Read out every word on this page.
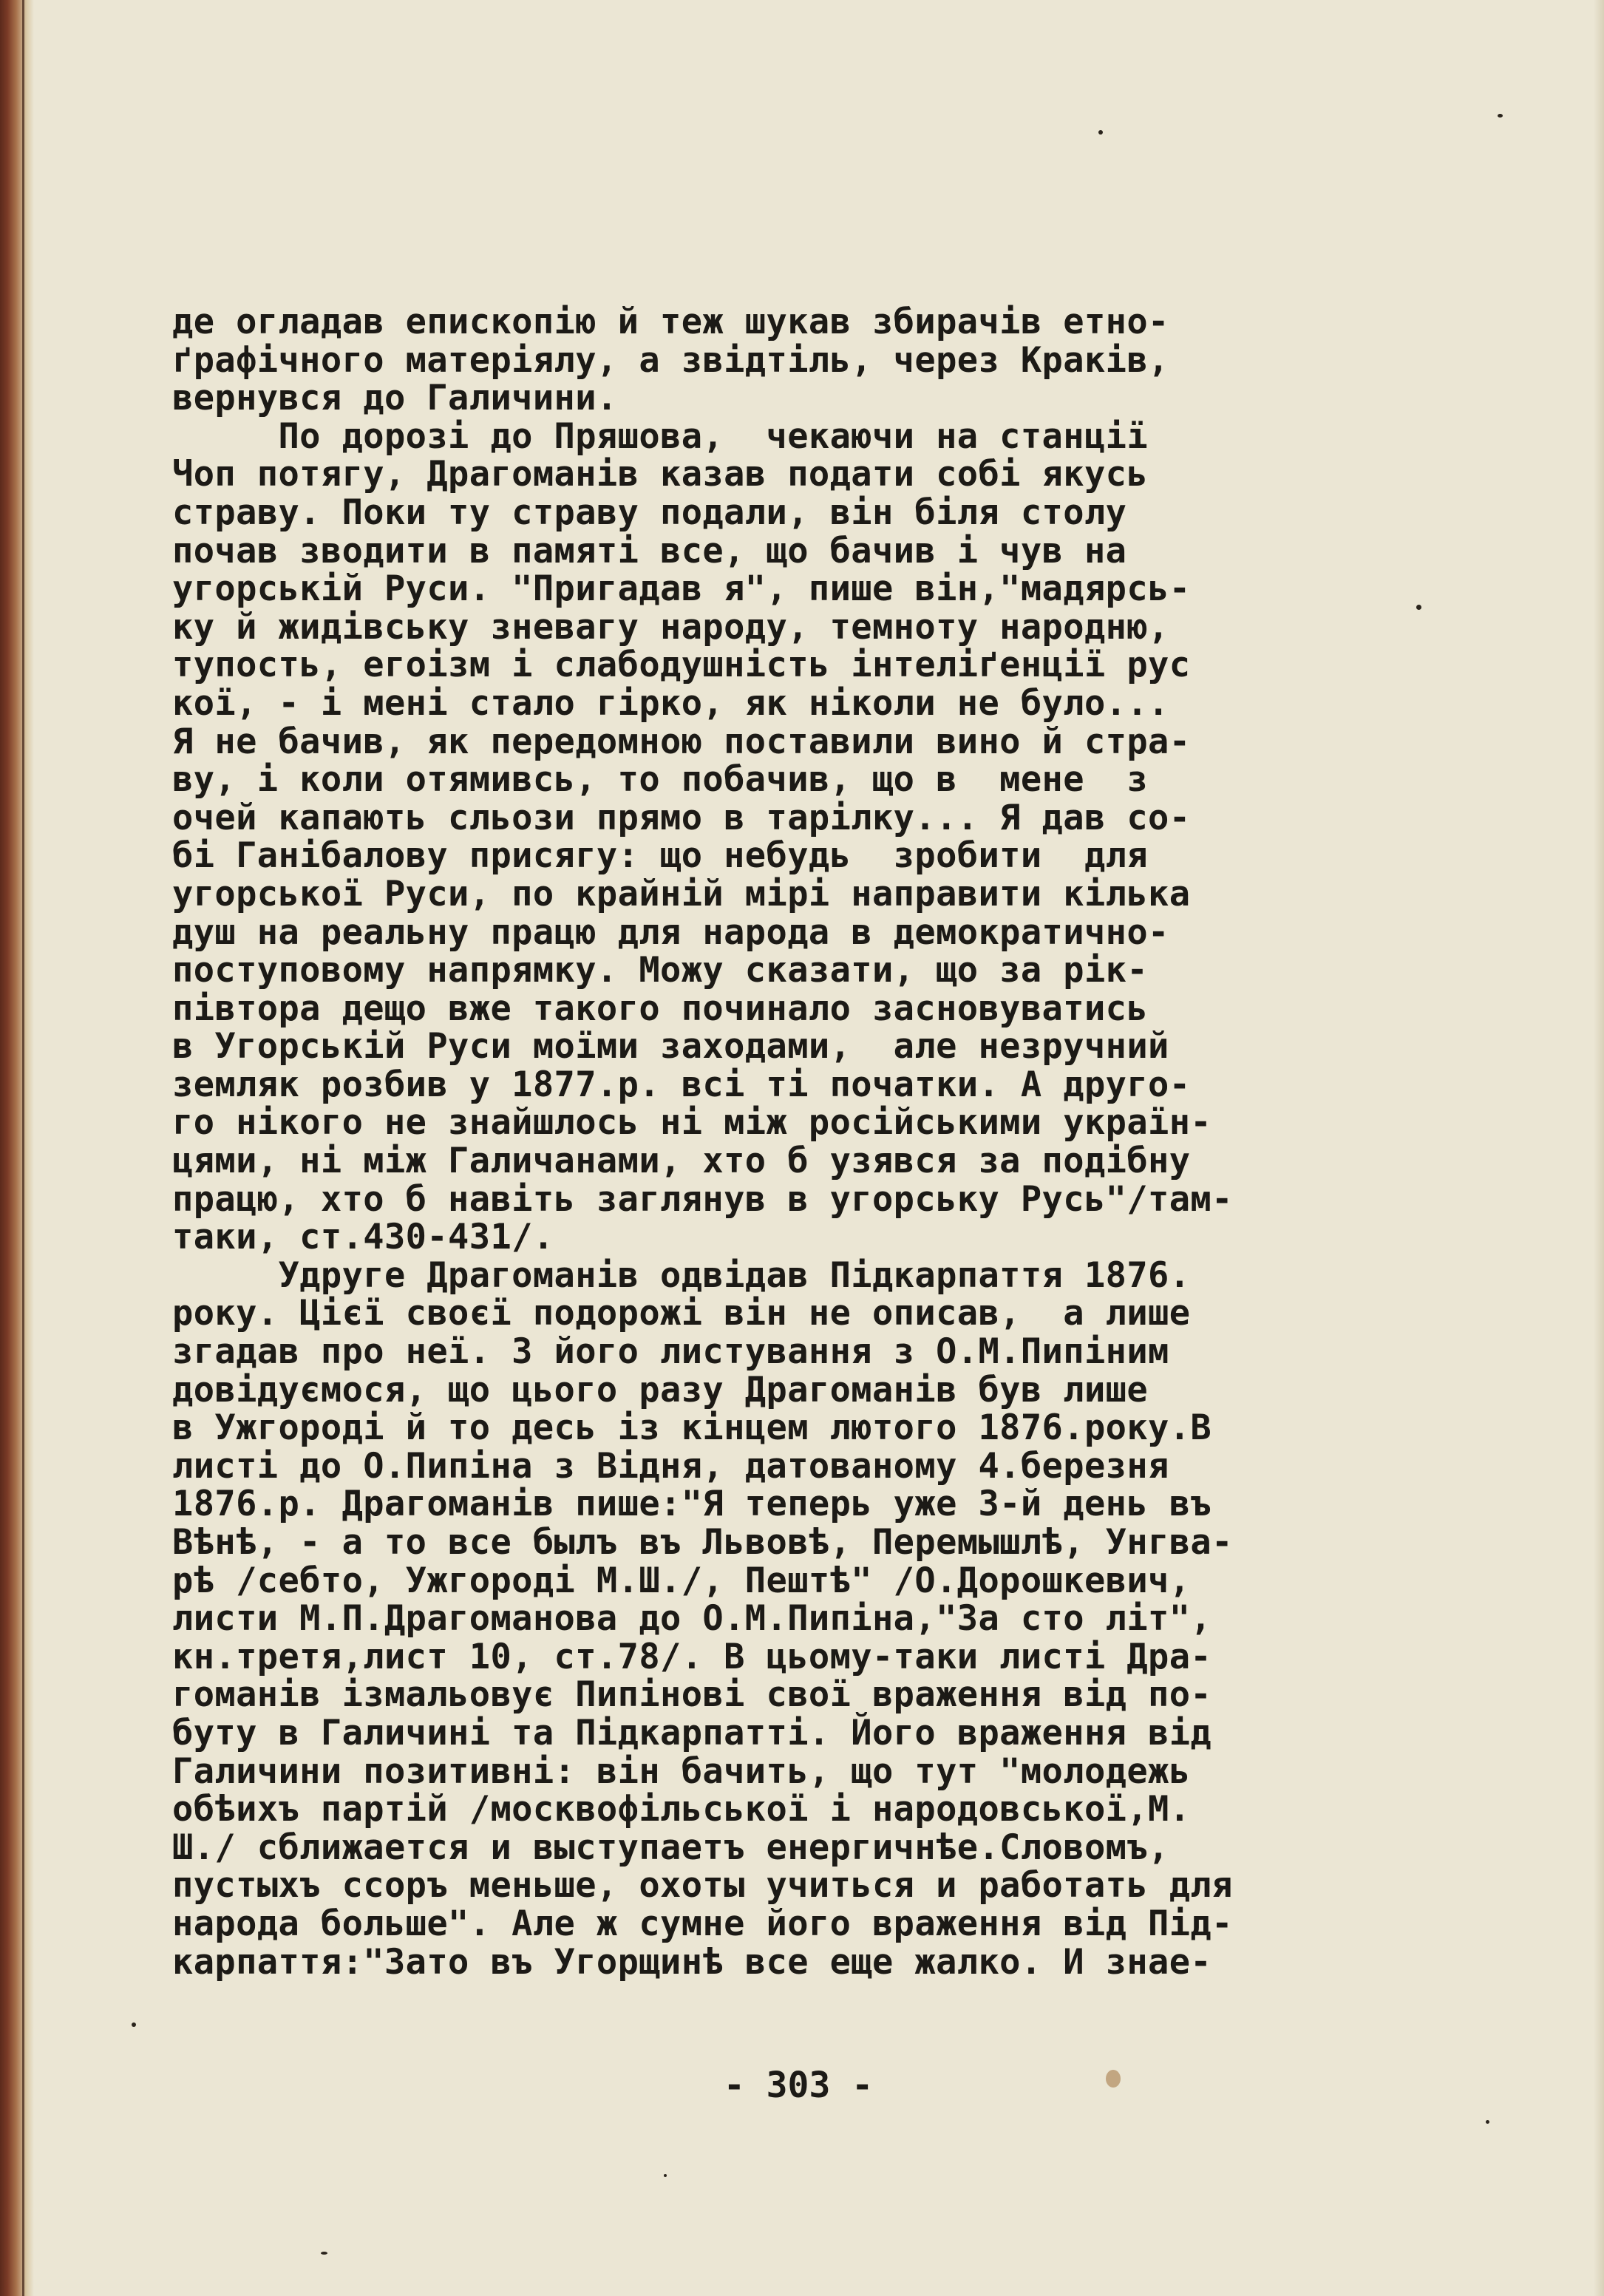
де огладав епископію й теж шукав збирачів етно-
ґрафічного матеріялу, а звідтіль, через Краків,
вернувся до Галичини.
По дорозі до Пряшова,  чекаючи на станції
Чоп потягу, Драгоманів казав подати собі якусь
страву. Поки ту страву подали, він біля столу
почав зводити в памяті все, що бачив і чув на
угорській Руси. "Пригадав я", пише він,"мадярсь-
ку й жидівську зневагу народу, темноту народню,
тупость, егоізм і слабодушність інтеліґенції рус
кої, - і мені стало гірко, як ніколи не було...
Я не бачив, як передомною поставили вино й стра-
ву, і коли отямивсь, то побачив, що в  мене  з
очей капають сльози прямо в тарілку... Я дав со-
бі Ганібалову присягу: що небудь  зробити  для
угорської Руси, по крайній мірі направити кілька
душ на реальну працю для народа в демократично-
поступовому напрямку. Можу сказати, що за рік-
півтора дещо вже такого починало засновуватись
в Угорській Руси моїми заходами,  але незручний
земляк розбив у 1877.р. всі ті початки. А друго-
го нікого не знайшлось ні між російськими україн-
цями, ні між Галичанами, хто б узявся за подібну
працю, хто б навіть заглянув в угорську Русь"/там-
таки, ст.430-431/.
Удруге Драгоманів одвідав Підкарпаття 1876.
року. Цієї своєї подорожі він не описав,  а лише
згадав про неї. З його листування з О.М.Пипіним
довідуємося, що цього разу Драгоманів був лише
в Ужгороді й то десь із кінцем лютого 1876.року.В
листі до О.Пипіна з Відня, датованому 4.березня
1876.р. Драгоманів пише:"Я теперь уже 3-й день въ
Вѣнѣ, - а то все былъ въ Львовѣ, Перемышлѣ, Унгва-
рѣ /себто, Ужгороді М.Ш./, Пештѣ" /О.Дорошкевич,
листи М.П.Драгоманова до О.М.Пипіна,"За сто літ",
кн.третя,лист 10, ст.78/. В цьому-таки листі Дра-
гоманів ізмальовує Пипінові свої враження від по-
буту в Галичині та Підкарпатті. Його враження від
Галичини позитивні: він бачить, що тут "молодежь
обѣихъ партій /москвофільської і народовської,М.
Ш./ сближается и выступаетъ енергичнѣе.Словомъ,
пустыхъ ссоръ меньше, охоты учиться и работать для
народа больше". Але ж сумне його враження від Під-
карпаття:"Зато въ Угорщинѣ все еще жалко. И знае-
- 303 -
